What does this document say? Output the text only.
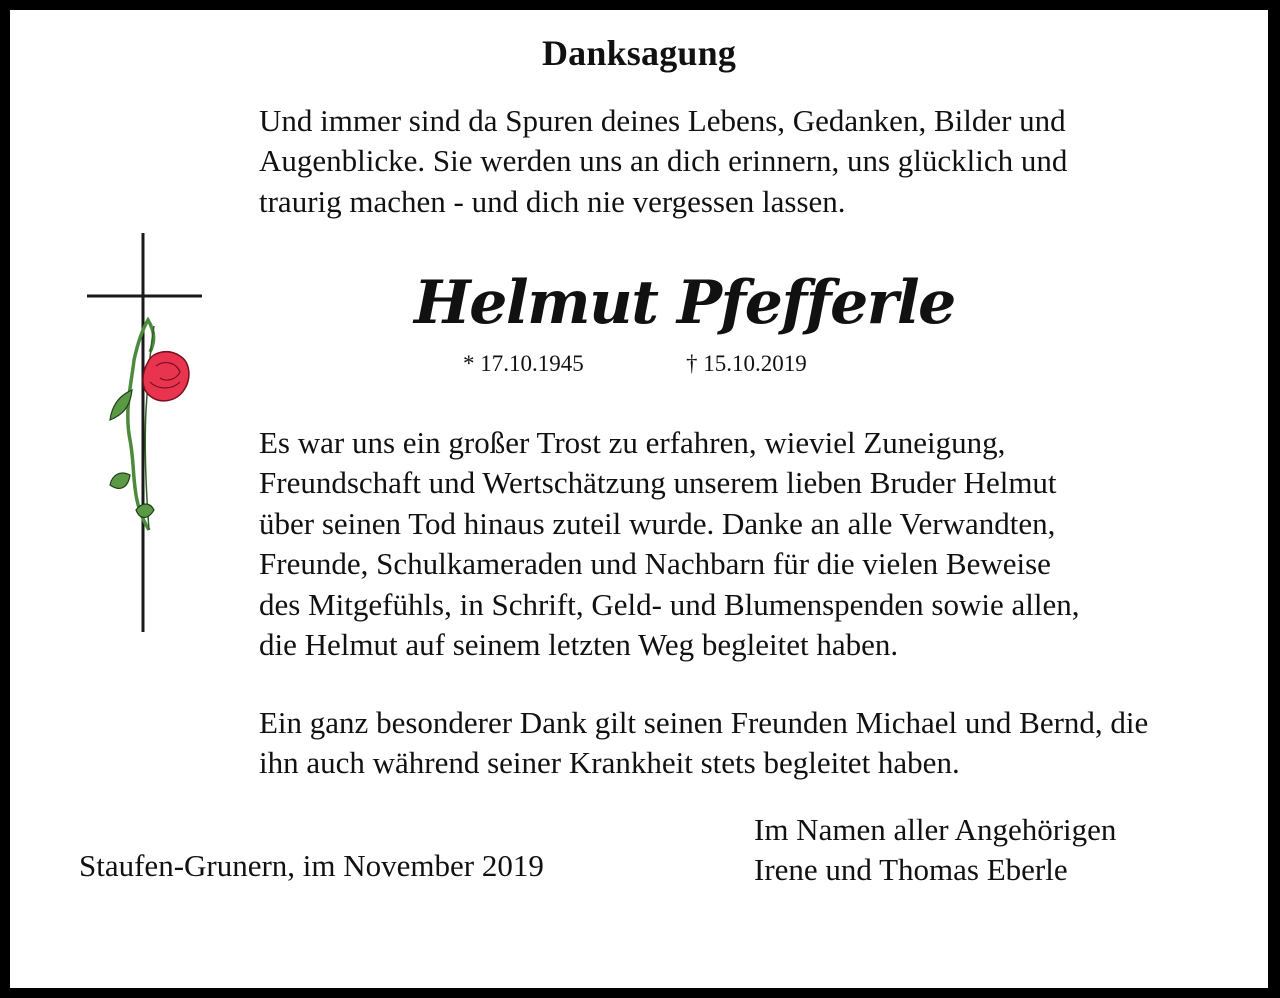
Danksagung

Und immer sind da Spuren deines Lebens, Gedanken, Bilder und
Augenblicke. Sie werden uns an dich erinnern, uns glücklich und
traurig machen - und dich nie vergessen lassen.

Helmut Pfefferle
* 17.10.1945	† 15.10.2019

Es war uns ein großer Trost zu erfahren, wieviel Zuneigung,
Freundschaft und Wertschätzung unserem lieben Bruder Helmut
über seinen Tod hinaus zuteil wurde. Danke an alle Verwandten,
Freunde, Schulkameraden und Nachbarn für die vielen Beweise
des Mitgefühls, in Schrift, Geld- und Blumenspenden sowie allen,
die Helmut auf seinem letzten Weg begleitet haben.

Ein ganz besonderer Dank gilt seinen Freunden Michael und Bernd, die
ihn auch während seiner Krankheit stets begleitet haben.

Staufen-Grunern, im November 2019
Im Namen aller Angehörigen
Irene und Thomas Eberle
